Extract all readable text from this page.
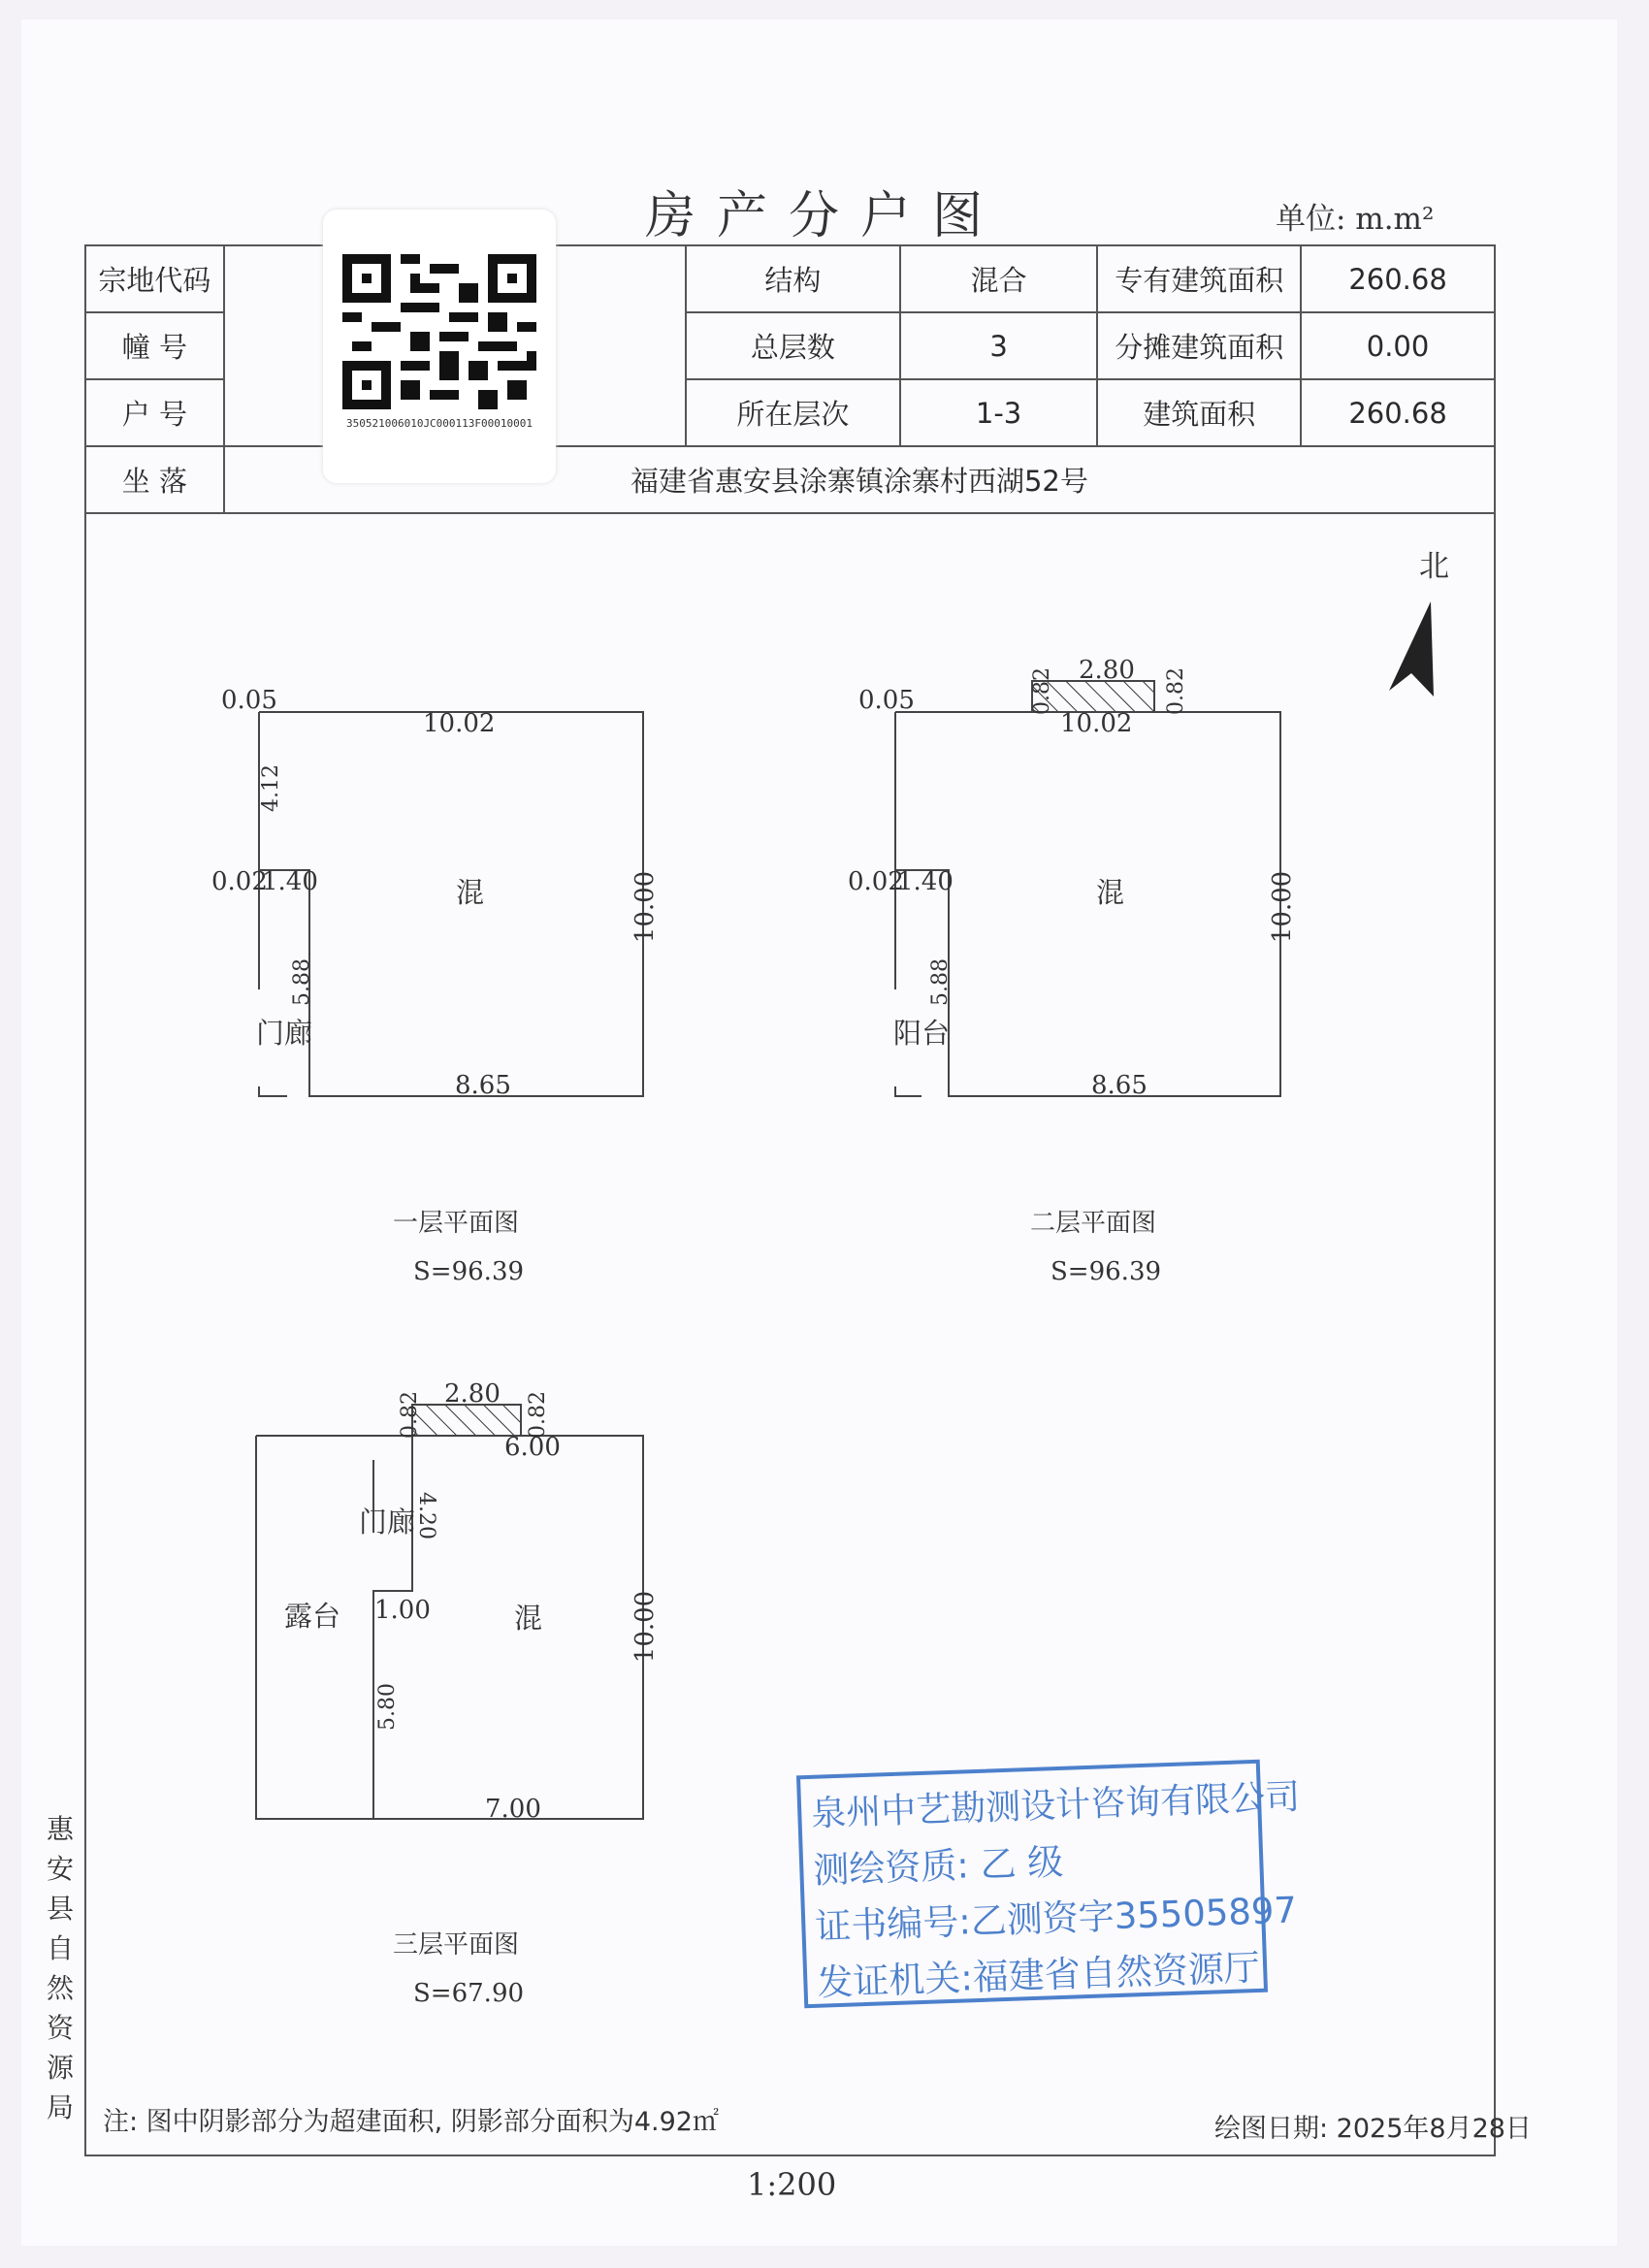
房产分户图	单位: m.m²
宗地代码		结构	混合	专有建筑面积	260.68
幢 号		总层数	3	分摊建筑面积	0.00
户 号		所在层次	1-3	建筑面积	260.68
坐 落	福建省惠安县涂寨镇涂寨村西湖52号				
350521006010JC000113F00010001
0.05
10.02
4.12
0.02
1.40	混	10.00
5.88
门廊
8.65
一层平面图
S=96.39
0.05
2.80
0.82	0.82
10.02
0.02
1.40	混	10.00
5.88
阳台
8.65
二层平面图
S=96.39
2.80
0.82	0.82
6.00
门廊
4.20
露台 1.00	混	10.00
5.80
7.00
三层平面图
S=67.90
北
泉州中艺勘测设计咨询有限公司
测绘资质: 乙 级
证书编号:乙测资字35505897
发证机关:福建省自然资源厅
惠
安
县
自
然
资
源
局 注: 图中阴影部分为超建面积, 阴影部分面积为4.92㎡	绘图日期: 2025年8月28日
1:200
